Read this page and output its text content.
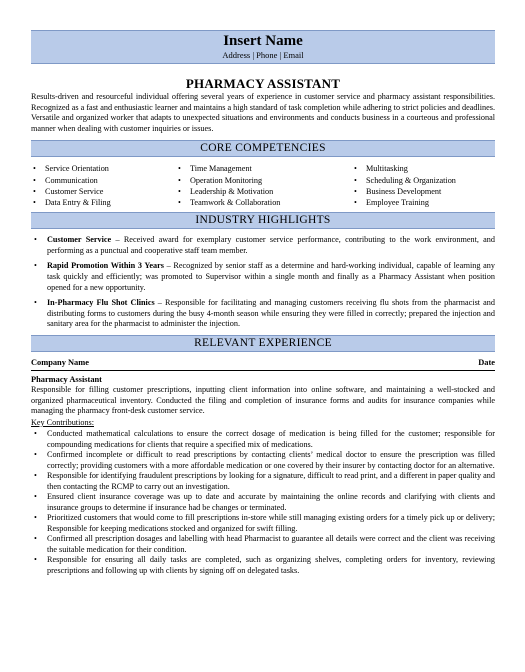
Insert Name
Address | Phone | Email
PHARMACY ASSISTANT
Results-driven and resourceful individual offering several years of experience in customer service and pharmacy assistant responsibilities. Recognized as a fast and enthusiastic learner and maintains a high standard of task completion while adhering to strict policies and deadlines. Versatile and organized worker that adapts to unexpected situations and environments and conducts business in a courteous and professional manner when dealing with customer inquiries or issues.
CORE COMPETENCIES
• Service Orientation
• Communication
• Customer Service
• Data Entry & Filing
• Time Management
• Operation Monitoring
• Leadership & Motivation
• Teamwork & Collaboration
• Multitasking
• Scheduling & Organization
• Business Development
• Employee Training
INDUSTRY HIGHLIGHTS
• Customer Service – Received award for exemplary customer service performance, contributing to the work environment, and performing as a punctual and cooperative staff team member.
• Rapid Promotion Within 3 Years – Recognized by senior staff as a determine and hard-working individual, capable of learning any task quickly and efficiently; was promoted to Supervisor within a single month and finally as a Pharmacy Assistant when position opened for a new opportunity.
• In-Pharmacy Flu Shot Clinics – Responsible for facilitating and managing customers receiving flu shots from the pharmacist and distributing forms to customers during the busy 4-month season while ensuring they were filled in correctly; prepared the injection and sanitary area for the pharmacist to administer the injection.
RELEVANT EXPERIENCE
Company Name	Date
Pharmacy Assistant
Responsible for filling customer prescriptions, inputting client information into online software, and maintaining a well-stocked and organized pharmaceutical inventory. Conducted the filing and completion of insurance forms and audits for insurance companies while managing the pharmacy front-desk customer service.
Key Contributions:
• Conducted mathematical calculations to ensure the correct dosage of medication is being filled for the customer; responsible for compounding medications for clients that require a specified mix of medications.
• Confirmed incomplete or difficult to read prescriptions by contacting clients’ medical doctor to ensure the prescription was filled correctly; providing customers with a more affordable medication or one covered by their insurer by contacting doctor for an alternative.
• Responsible for identifying fraudulent prescriptions by looking for a signature, difficult to read print, and a different in paper quality and then contacting the RCMP to carry out an investigation.
• Ensured client insurance coverage was up to date and accurate by maintaining the online records and clarifying with clients and insurance groups to determine if insurance had be changes or terminated.
• Prioritized customers that would come to fill prescriptions in-store while still managing existing orders for a timely pick up or delivery; Responsible for keeping medications stocked and organized for swift filling.
• Confirmed all prescription dosages and labelling with head Pharmacist to guarantee all details were correct and the client was receiving the suitable medication for their condition.
• Responsible for ensuring all daily tasks are completed, such as organizing shelves, completing orders for inventory, reviewing prescriptions and following up with clients by signing off on delegated tasks.
